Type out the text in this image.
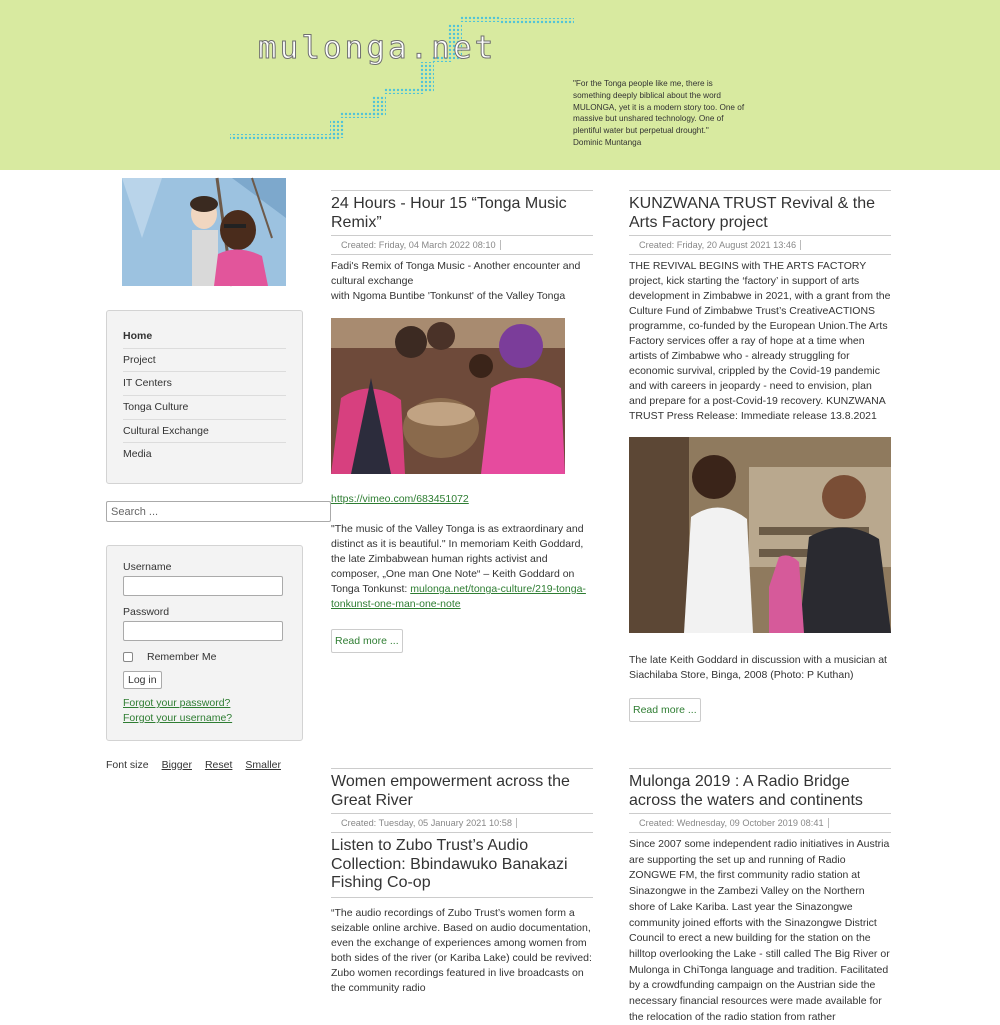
mulonga.net
"For the Tonga people like me, there is something deeply biblical about the word MULONGA, yet it is a modern story too. One of massive but unshared technology. One of plentiful water but perpetual drought."
Dominic Muntanga
Home
Project
IT Centers
Tonga Culture
Cultural Exchange
Media
Search ...
Username
Password
Remember Me
Log in
Forgot your password?
Forgot your username?
Font size Bigger Reset Smaller
24 Hours - Hour 15 “Tonga Music Remix”
Created: Friday, 04 March 2022 08:10
Fadi's Remix of Tonga Music - Another encounter and cultural exchange
with Ngoma Buntibe 'Tonkunst' of the Valley Tonga
https://vimeo.com/683451072
"The music of the Valley Tonga is as extraordinary and distinct as it is beautiful." In memoriam Keith Goddard, the late Zimbabwean human rights activist and composer, „One man One Note“ – Keith Goddard on Tonga Tonkunst: mulonga.net/tonga-culture/219-tonga-tonkunst-one-man-one-note
Read more ...
KUNZWANA TRUST Revival & the Arts Factory project
Created: Friday, 20 August 2021 13:46
THE REVIVAL BEGINS with THE ARTS FACTORY project, kick starting the ‘factory’ in support of arts development in Zimbabwe in 2021, with a grant from the Culture Fund of Zimbabwe Trust’s CreativeACTIONS programme, co-funded by the European Union.The Arts Factory services offer a ray of hope at a time when artists of Zimbabwe who - already struggling for economic survival, crippled by the Covid-19 pandemic and with careers in jeopardy - need to envision, plan and prepare for a post-Covid-19 recovery. KUNZWANA TRUST Press Release: Immediate release 13.8.2021
The late Keith Goddard in discussion with a musician at Siachilaba Store, Binga, 2008 (Photo: P Kuthan)
Read more ...
Women empowerment across the Great River
Created: Tuesday, 05 January 2021 10:58
Listen to Zubo Trust’s Audio Collection: Bbindawuko Banakazi Fishing Co-op
“The audio recordings of Zubo Trust’s women form a seizable online archive. Based on audio documentation, even the exchange of experiences among women from both sides of the river (or Kariba Lake) could be revived: Zubo women recordings featured in live broadcasts on the community radio
Mulonga 2019 : A Radio Bridge across the waters and continents
Created: Wednesday, 09 October 2019 08:41
Since 2007 some independent radio initiatives in Austria are supporting the set up and running of Radio ZONGWE FM, the first community radio station at Sinazongwe in the Zambezi Valley on the Northern shore of Lake Kariba. Last year the Sinazongwe community joined efforts with the Sinazongwe District Council to erect a new building for the station on the hilltop overlooking the Lake - still called The Big River or Mulonga in ChiTonga language and tradition. Facilitated by a crowdfunding campaign on the Austrian side the necessary financial resources were made available for the relocation of the radio station from rather
